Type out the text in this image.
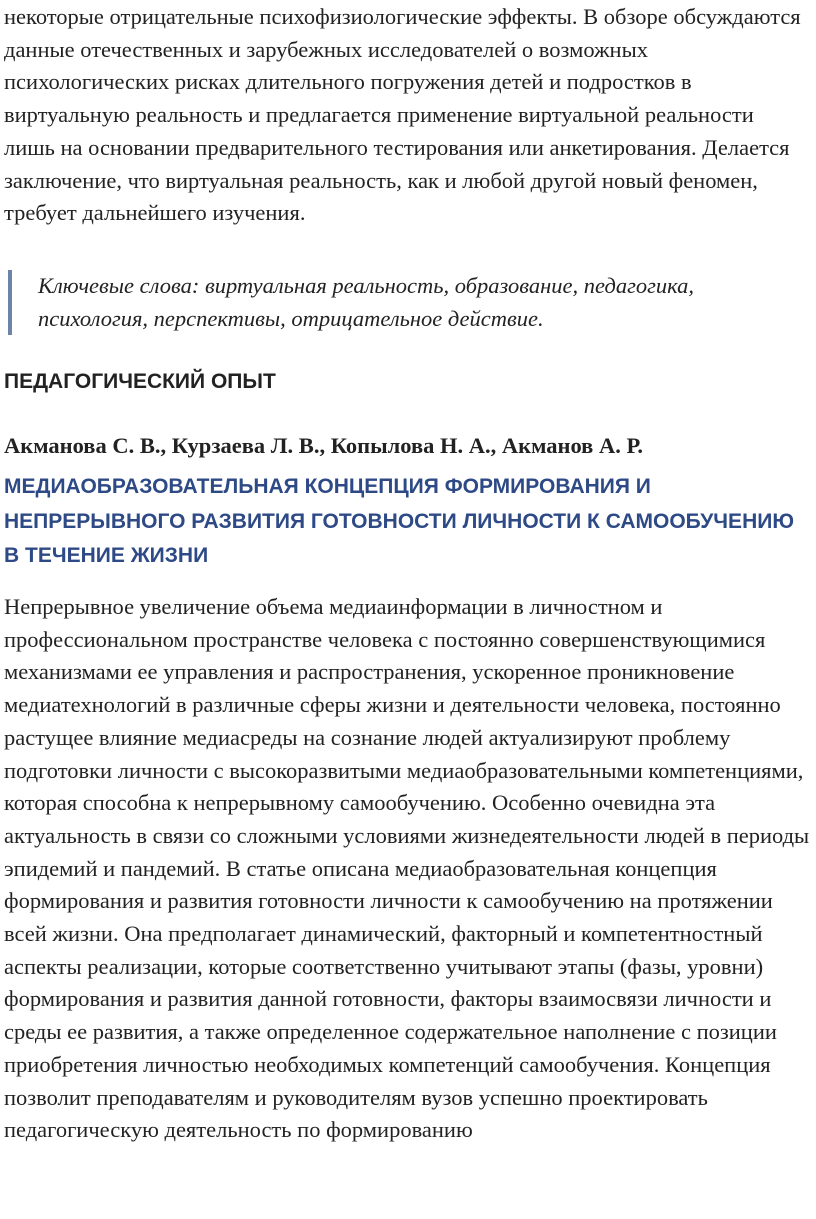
некоторые отрицательные психофизиологические эффекты. В обзоре обсуждаются данные отечественных и зарубежных исследователей о возможных психологических рисках длительного погружения детей и подростков в виртуальную реальность и предлагается применение виртуальной реальности лишь на основании предварительного тестирования или анкетирования. Делается заключение, что виртуальная реальность, как и любой другой новый феномен, требует дальнейшего изучения.

Ключевые слова: виртуальная реальность, образование, педагогика, психология, перспективы, отрицательное действие.
ПЕДАГОГИЧЕСКИЙ ОПЫТ

Акманова С. В., Курзаева Л. В., Копылова Н. А., Акманов А. Р.

МЕДИАОБРАЗОВАТЕЛЬНАЯ КОНЦЕПЦИЯ ФОРМИРОВАНИЯ И НЕПРЕРЫВНОГО РАЗВИТИЯ ГОТОВНОСТИ ЛИЧНОСТИ К САМООБУЧЕНИЮ В ТЕЧЕНИЕ ЖИЗНИ

Непрерывное увеличение объема медиаинформации в личностном и профессиональном пространстве человека с постоянно совершенствующимися механизмами ее управления и распространения, ускоренное проникновение медиатехнологий в различные сферы жизни и деятельности человека, постоянно растущее влияние медиасреды на сознание людей актуализируют проблему подготовки личности с высокоразвитыми медиаобразовательными компетенциями, которая способна к непрерывному самообучению. Особенно очевидна эта актуальность в связи со сложными условиями жизнедеятельности людей в периоды эпидемий и пандемий. В статье описана медиаобразовательная концепция формирования и развития готовности личности к самообучению на протяжении всей жизни. Она предполагает динамический, факторный и компетентностный аспекты реализации, которые соответственно учитывают этапы (фазы, уровни) формирования и развития данной готовности, факторы взаимосвязи личности и среды ее развития, а также определенное содержательное наполнение с позиции приобретения личностью необходимых компетенций самообучения. Концепция позволит преподавателям и руководителям вузов успешно проектировать педагогическую деятельность по формированию
